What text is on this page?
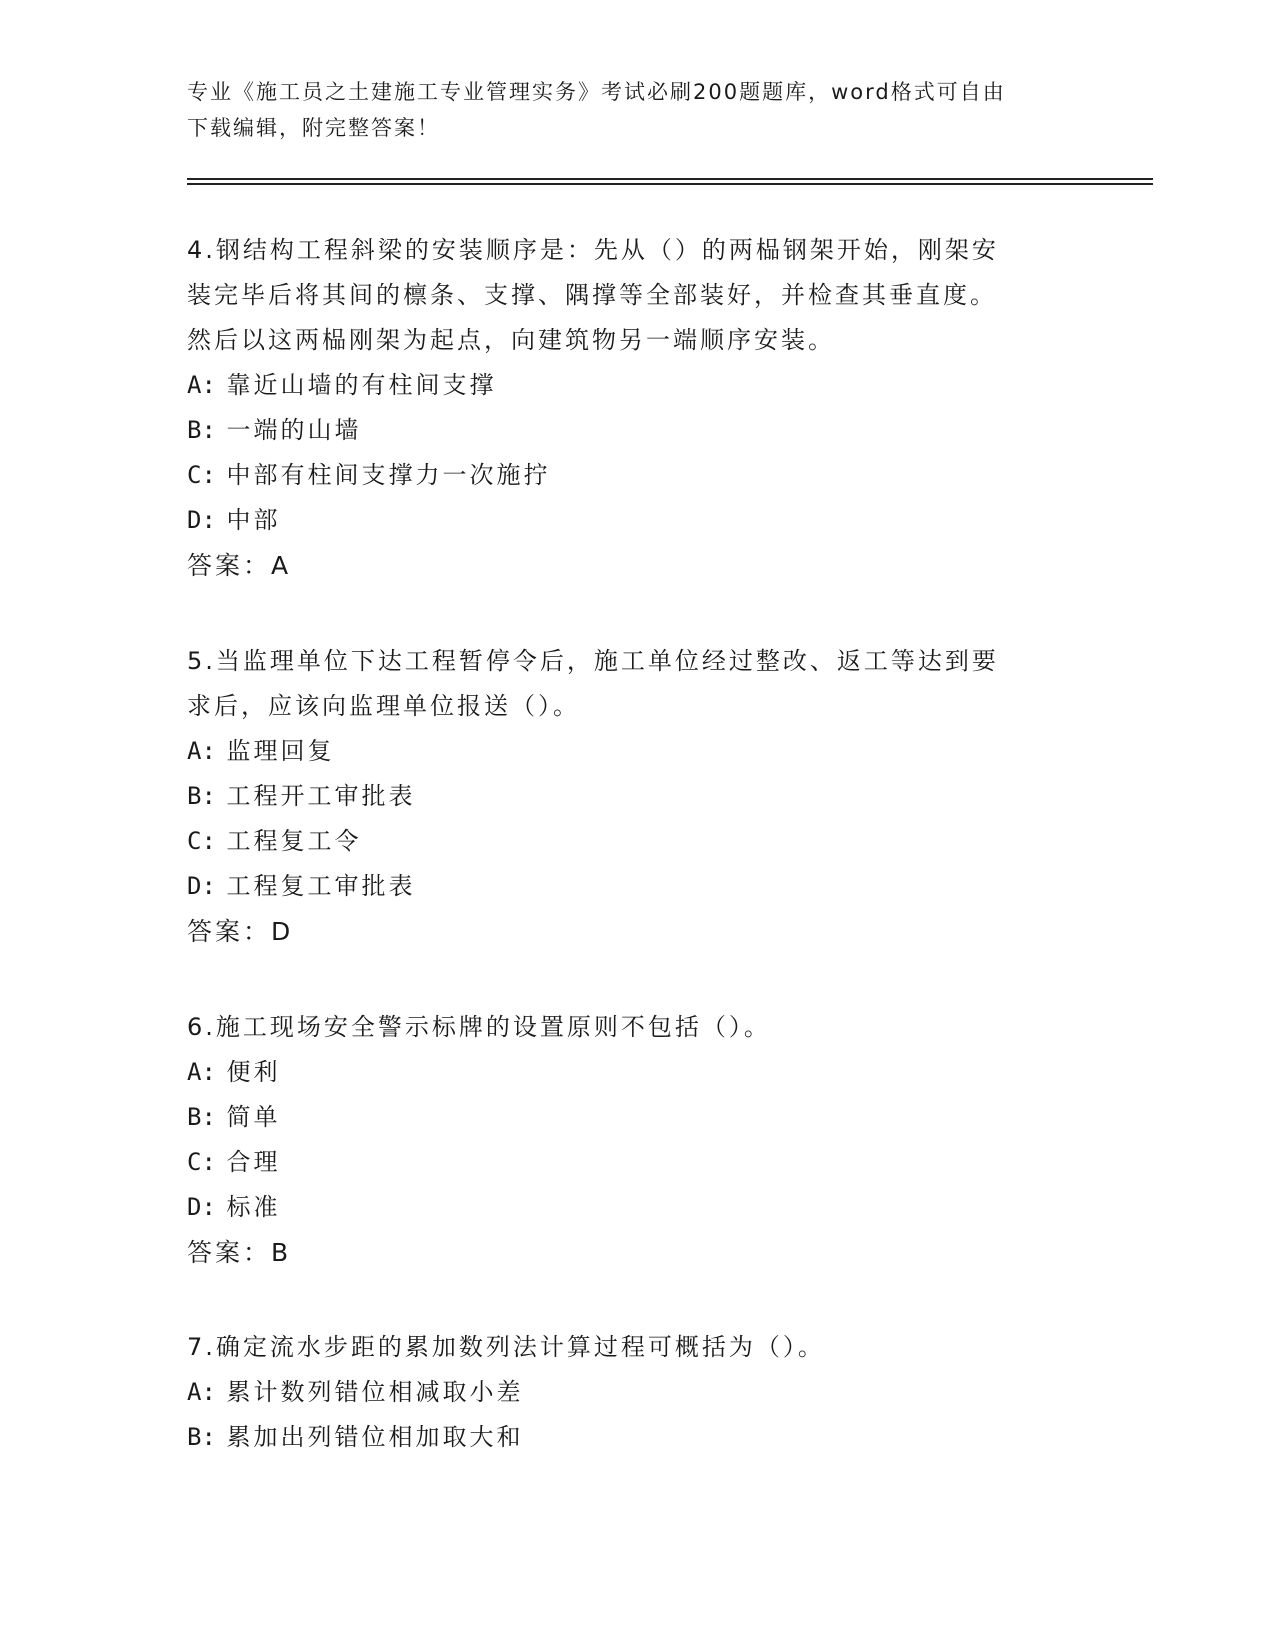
专业《施工员之土建施工专业管理实务》考试必刷200题题库，word格式可自由
下载编辑，附完整答案！
4.钢结构工程斜梁的安装顺序是：先从（）的两榀钢架开始，刚架安
装完毕后将其间的檩条、支撑、隅撑等全部装好，并检查其垂直度。
然后以这两榀刚架为起点，向建筑物另一端顺序安装。
A: 靠近山墙的有柱间支撑
B: 一端的山墙
C: 中部有柱间支撑力一次施拧
D: 中部
答案：A
5.当监理单位下达工程暂停令后，施工单位经过整改、返工等达到要
求后，应该向监理单位报送（）。
A: 监理回复
B: 工程开工审批表
C: 工程复工令
D: 工程复工审批表
答案：D
6.施工现场安全警示标牌的设置原则不包括（）。
A: 便利
B: 简单
C: 合理
D: 标准
答案：B
7.确定流水步距的累加数列法计算过程可概括为（）。
A: 累计数列错位相减取小差
B: 累加出列错位相加取大和
